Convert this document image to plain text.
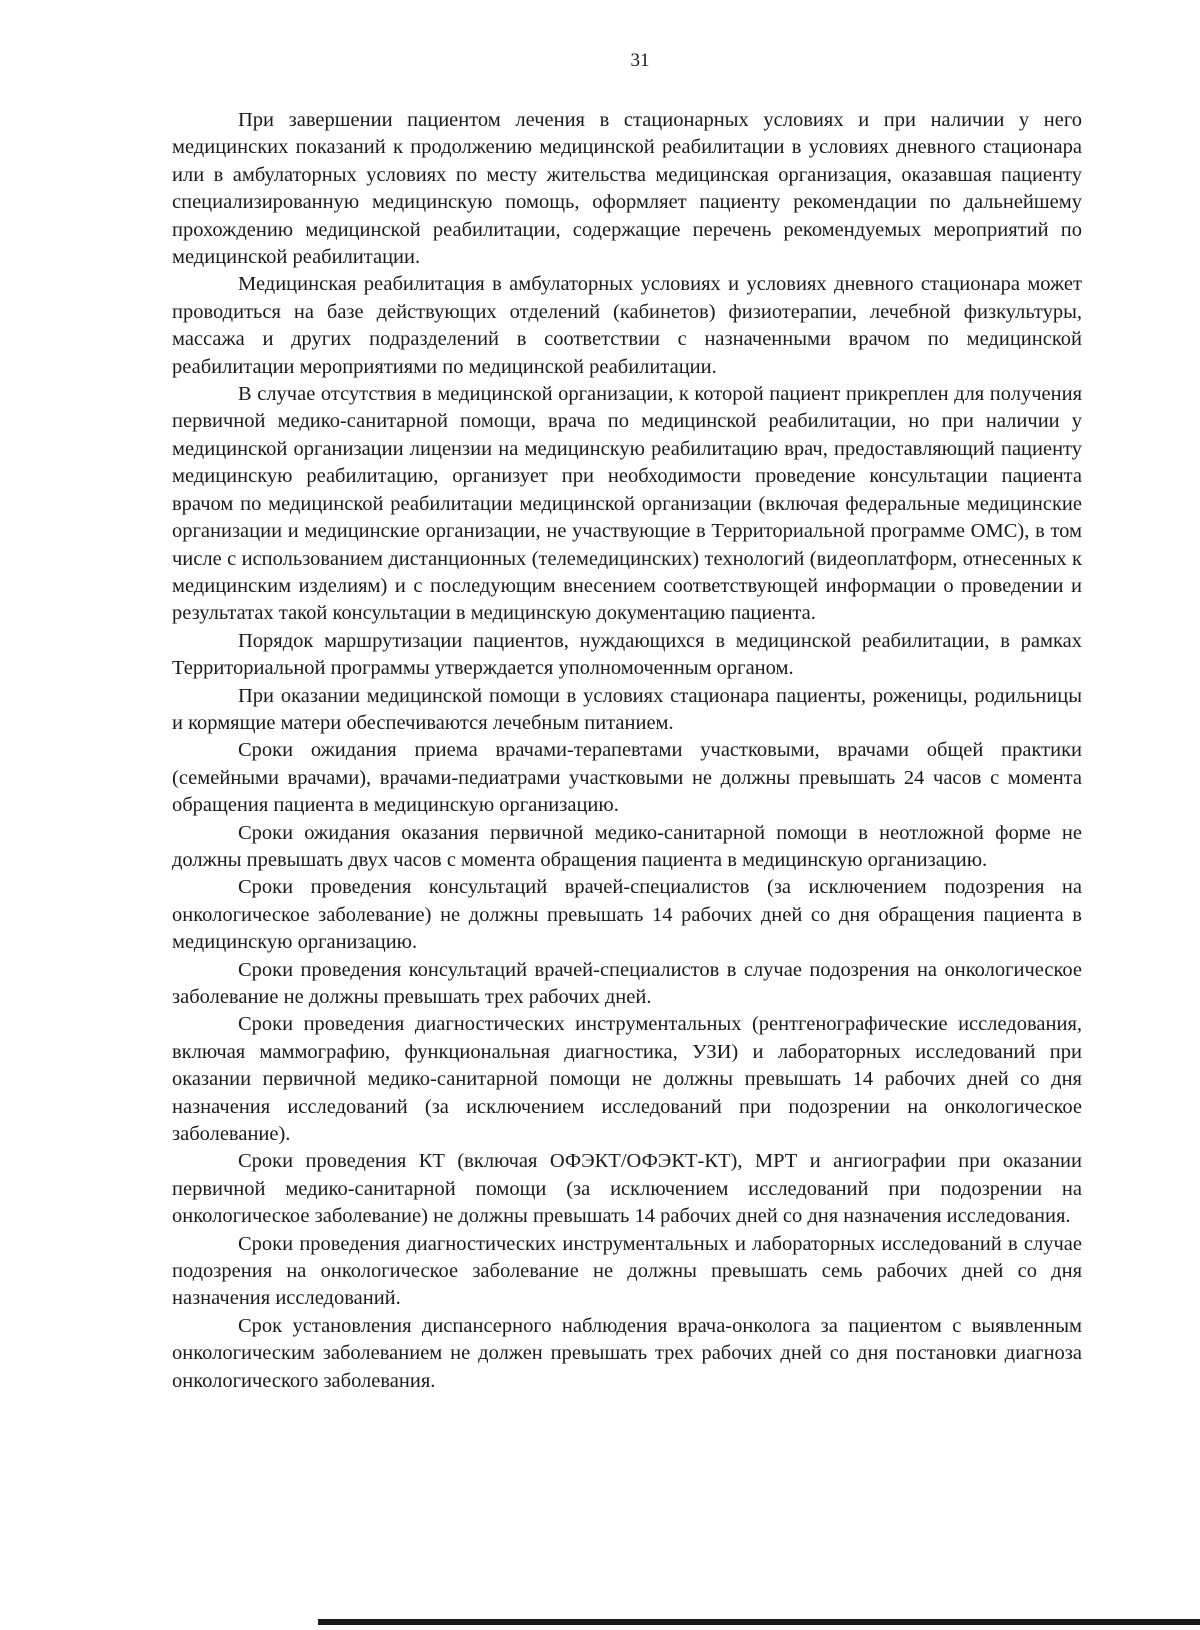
31

При завершении пациентом лечения в стационарных условиях и при наличии у него медицинских показаний к продолжению медицинской реабилитации в условиях дневного стационара или в амбулаторных условиях по месту жительства медицинская организация, оказавшая пациенту специализированную медицинскую помощь, оформляет пациенту рекомендации по дальнейшему прохождению медицинской реабилитации, содержащие перечень рекомендуемых мероприятий по медицинской реабилитации.

Медицинская реабилитация в амбулаторных условиях и условиях дневного стационара может проводиться на базе действующих отделений (кабинетов) физиотерапии, лечебной физкультуры, массажа и других подразделений в соответствии с назначенными врачом по медицинской реабилитации мероприятиями по медицинской реабилитации.

В случае отсутствия в медицинской организации, к которой пациент прикреплен для получения первичной медико-санитарной помощи, врача по медицинской реабилитации, но при наличии у медицинской организации лицензии на медицинскую реабилитацию врач, предоставляющий пациенту медицинскую реабилитацию, организует при необходимости проведение консультации пациента врачом по медицинской реабилитации медицинской организации (включая федеральные медицинские организации и медицинские организации, не участвующие в Территориальной программе ОМС), в том числе с использованием дистанционных (телемедицинских) технологий (видеоплатформ, отнесенных к медицинским изделиям) и с последующим внесением соответствующей информации о проведении и результатах такой консультации в медицинскую документацию пациента.

Порядок маршрутизации пациентов, нуждающихся в медицинской реабилитации, в рамках Территориальной программы утверждается уполномоченным органом.

При оказании медицинской помощи в условиях стационара пациенты, роженицы, родильницы и кормящие матери обеспечиваются лечебным питанием.

Сроки ожидания приема врачами-терапевтами участковыми, врачами общей практики (семейными врачами), врачами-педиатрами участковыми не должны превышать 24 часов с момента обращения пациента в медицинскую организацию.

Сроки ожидания оказания первичной медико-санитарной помощи в неотложной форме не должны превышать двух часов с момента обращения пациента в медицинскую организацию.

Сроки проведения консультаций врачей-специалистов (за исключением подозрения на онкологическое заболевание) не должны превышать 14 рабочих дней со дня обращения пациента в медицинскую организацию.

Сроки проведения консультаций врачей-специалистов в случае подозрения на онкологическое заболевание не должны превышать трех рабочих дней.

Сроки проведения диагностических инструментальных (рентгенографические исследования, включая маммографию, функциональная диагностика, УЗИ) и лабораторных исследований при оказании первичной медико-санитарной помощи не должны превышать 14 рабочих дней со дня назначения исследований (за исключением исследований при подозрении на онкологическое заболевание).

Сроки проведения КТ (включая ОФЭКТ/ОФЭКТ-КТ), МРТ и ангиографии при оказании первичной медико-санитарной помощи (за исключением исследований при подозрении на онкологическое заболевание) не должны превышать 14 рабочих дней со дня назначения исследования.

Сроки проведения диагностических инструментальных и лабораторных исследований в случае подозрения на онкологическое заболевание не должны превышать семь рабочих дней со дня назначения исследований.

Срок установления диспансерного наблюдения врача-онколога за пациентом с выявленным онкологическим заболеванием не должен превышать трех рабочих дней со дня постановки диагноза онкологического заболевания.
